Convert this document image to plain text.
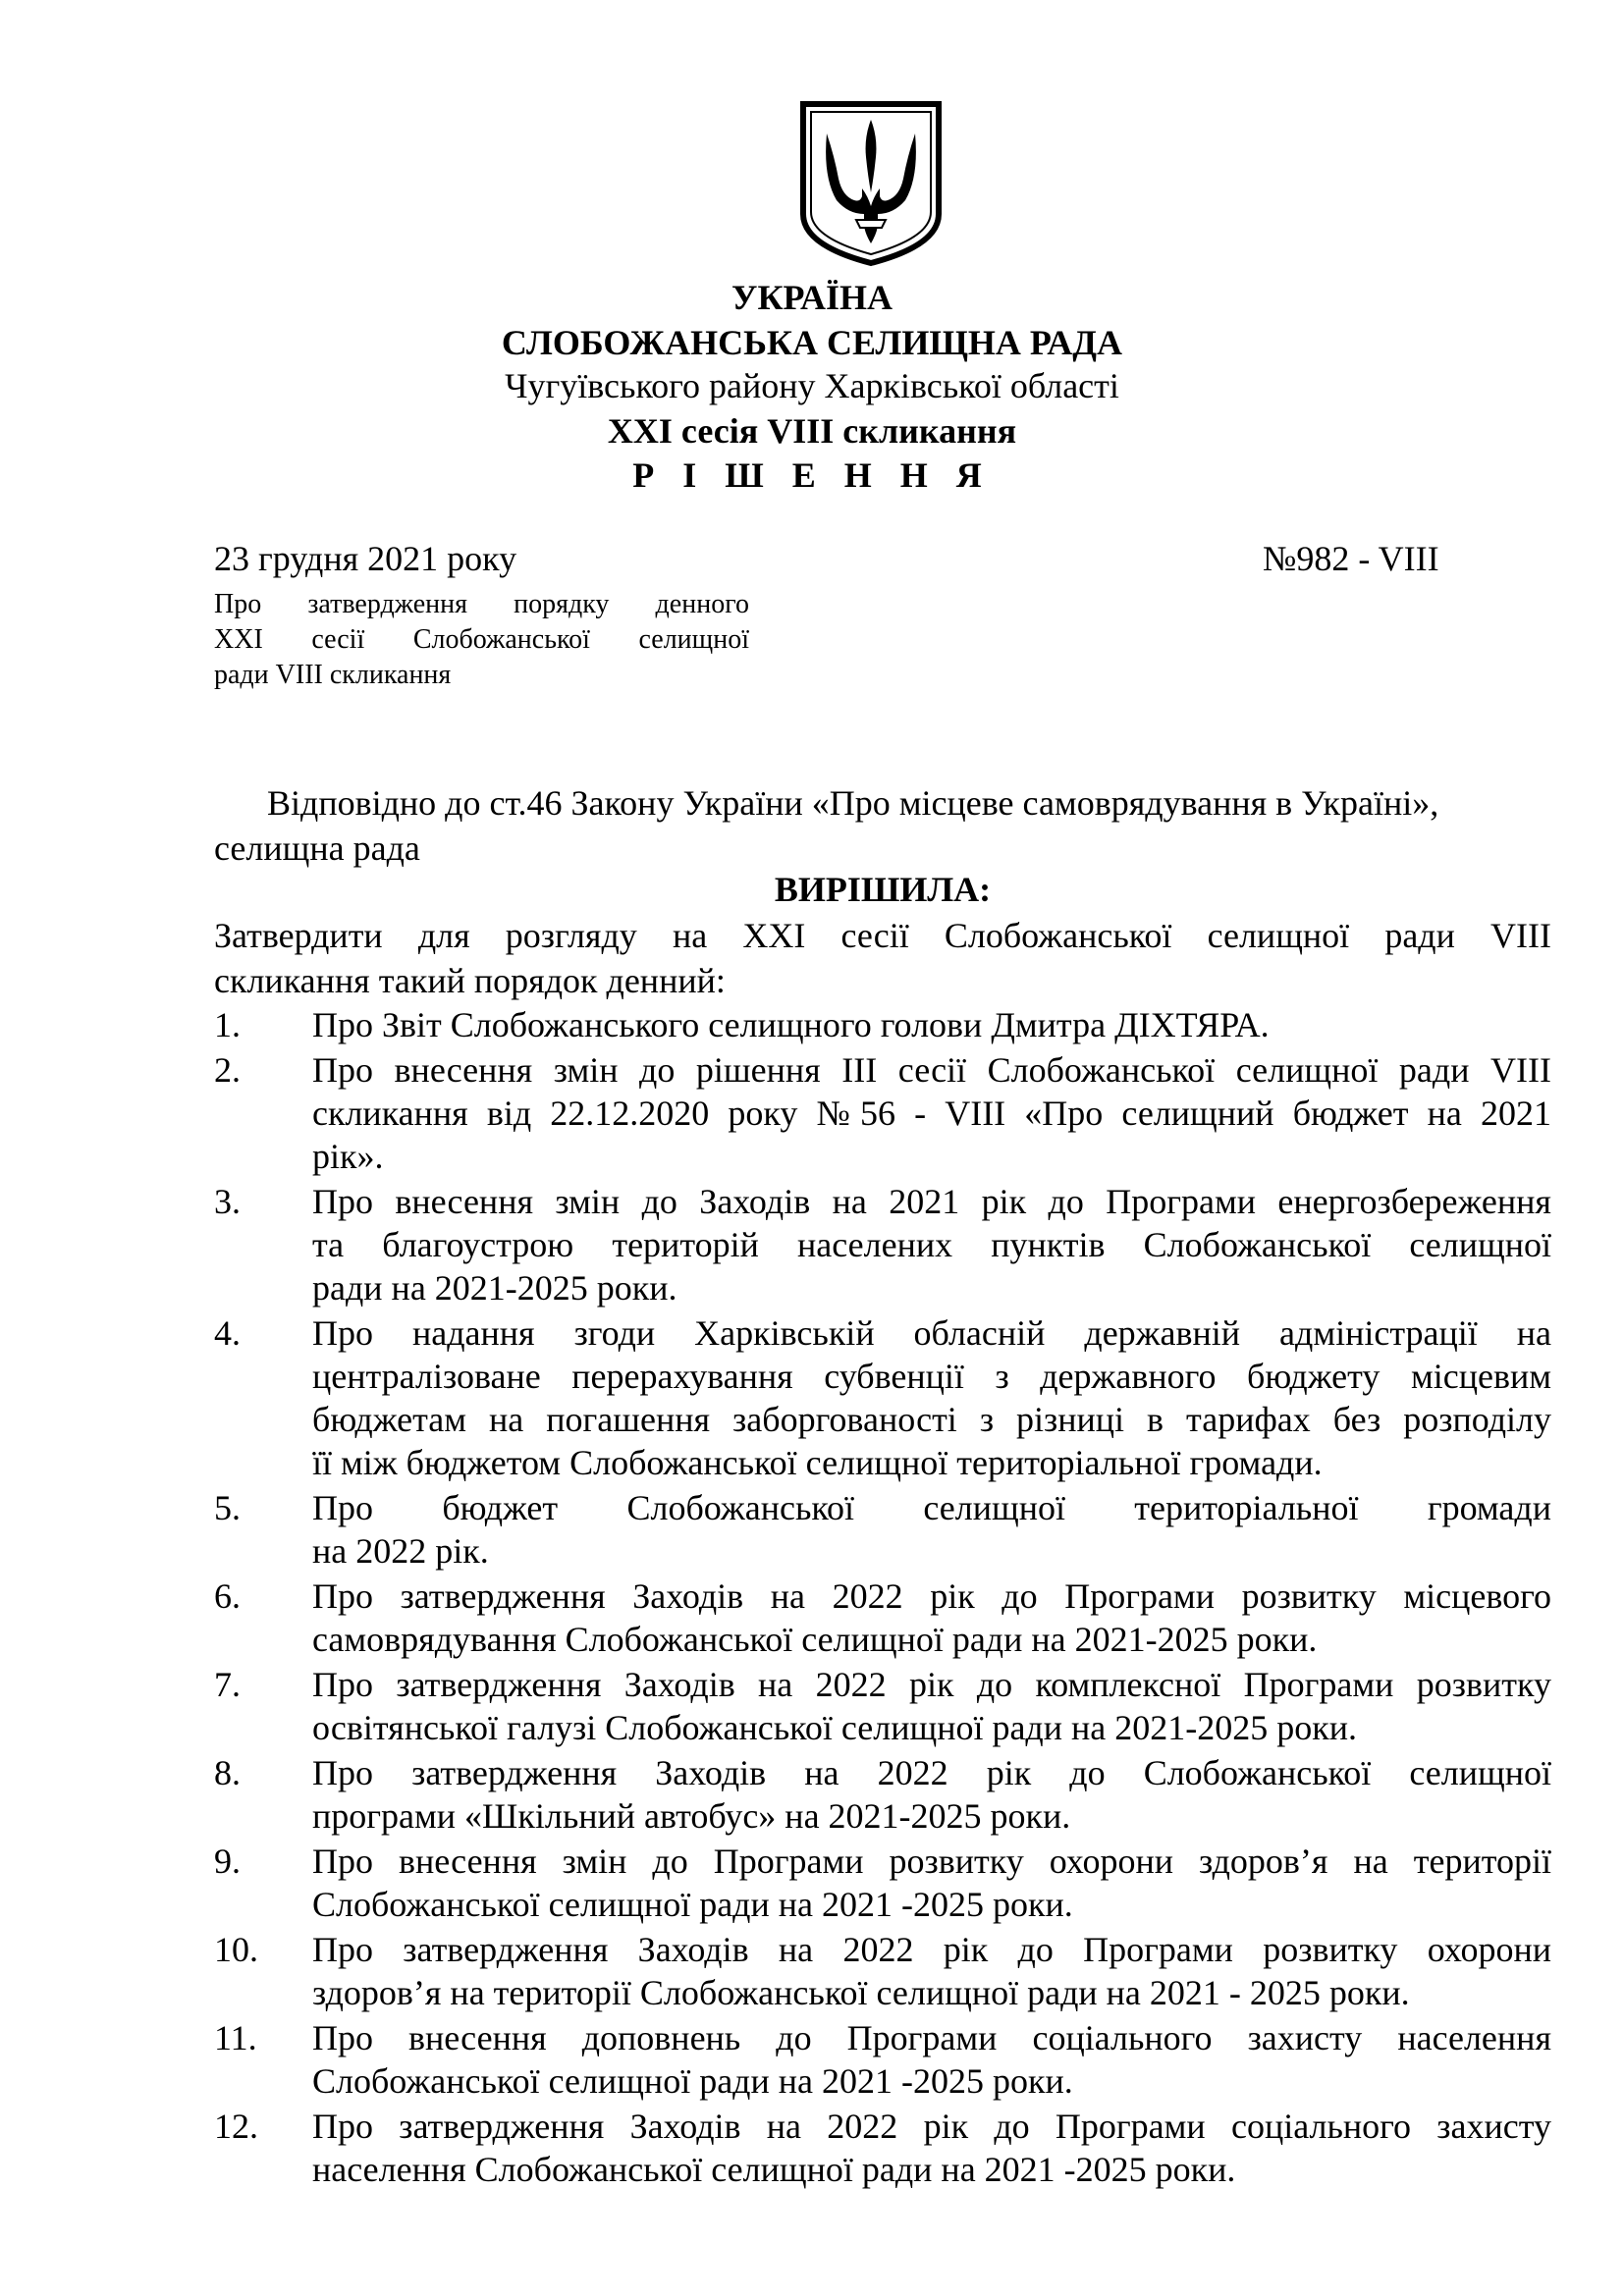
УКРАЇНА
СЛОБОЖАНСЬКА СЕЛИЩНА РАДА
Чугуївського району Харківської області
XXI сесія VIII скликання
Р І Ш Е Н Н Я
23 грудня 2021 року	№982 - VIII
Про затвердження порядку денного
XXI сесії Слобожанської селищної
ради VIII скликання
Відповідно до ст.46 Закону України «Про місцеве самоврядування в Україні»,
селищна рада
ВИРІШИЛА:
Затвердити для розгляду на XXI сесії Слобожанської селищної ради VIII
скликання такий порядок денний:
1.	Про Звіт Слобожанського селищного голови Дмитра ДІХТЯРА.
2.	Про внесення змін до рішення III сесії Слобожанської селищної ради VIII
скликання від 22.12.2020 року №56 - VIII «Про селищний бюджет на 2021
рік».
3.	Про внесення змін до Заходів на 2021 рік до Програми енергозбереження
та благоустрою територій населених пунктів Слобожанської селищної
ради на 2021-2025 роки.
4.	Про надання згоди Харківській обласній державній адміністрації на
централізоване перерахування субвенції з державного бюджету місцевим
бюджетам на погашення заборгованості з різниці в тарифах без розподілу
її між бюджетом Слобожанської селищної територіальної громади.
5.	Про бюджет Слобожанської селищної територіальної громади
на 2022 рік.
6.	Про затвердження Заходів на 2022 рік до Програми розвитку місцевого
самоврядування Слобожанської селищної ради на 2021-2025 роки.
7.	Про затвердження Заходів на 2022 рік до комплексної Програми розвитку
освітянської галузі Слобожанської селищної ради на 2021-2025 роки.
8.	Про затвердження Заходів на 2022 рік до Слобожанської селищної
програми «Шкільний автобус» на 2021-2025 роки.
9.	Про внесення змін до Програми розвитку охорони здоров’я на території
Слобожанської селищної ради на 2021 -2025 роки.
10.	Про затвердження Заходів на 2022 рік до Програми розвитку охорони
здоров’я на території Слобожанської селищної ради на 2021 - 2025 роки.
11.	Про внесення доповнень до Програми соціального захисту населення
Слобожанської селищної ради на 2021 -2025 роки.
12.	Про затвердження Заходів на 2022 рік до Програми соціального захисту
населення Слобожанської селищної ради на 2021 -2025 роки.
